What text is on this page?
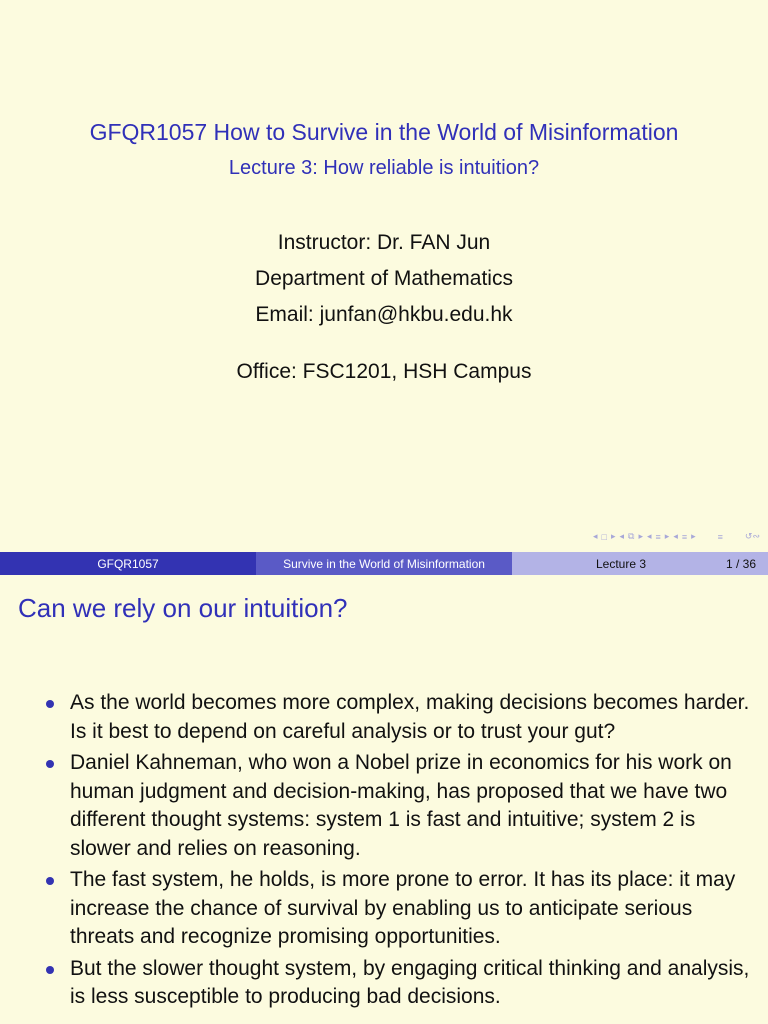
GFQR1057 How to Survive in the World of Misinformation
Lecture 3: How reliable is intuition?
Instructor: Dr. FAN Jun
Department of Mathematics
Email: junfan@hkbu.edu.hk
Office: FSC1201, HSH Campus
◂ □ ▸ ◂ ⧉ ▸ ◂ ≡ ▸ ◂ ≡ ▸ ≡ ↺∾
GFQR1057	Survive in the World of Misinformation	Lecture 3	1 / 36
Can we rely on our intuition?
As the world becomes more complex, making decisions becomes harder. Is it best to depend on careful analysis or to trust your gut?
Daniel Kahneman, who won a Nobel prize in economics for his work on human judgment and decision-making, has proposed that we have two different thought systems: system 1 is fast and intuitive; system 2 is slower and relies on reasoning.
The fast system, he holds, is more prone to error. It has its place: it may increase the chance of survival by enabling us to anticipate serious threats and recognize promising opportunities.
But the slower thought system, by engaging critical thinking and analysis, is less susceptible to producing bad decisions.
